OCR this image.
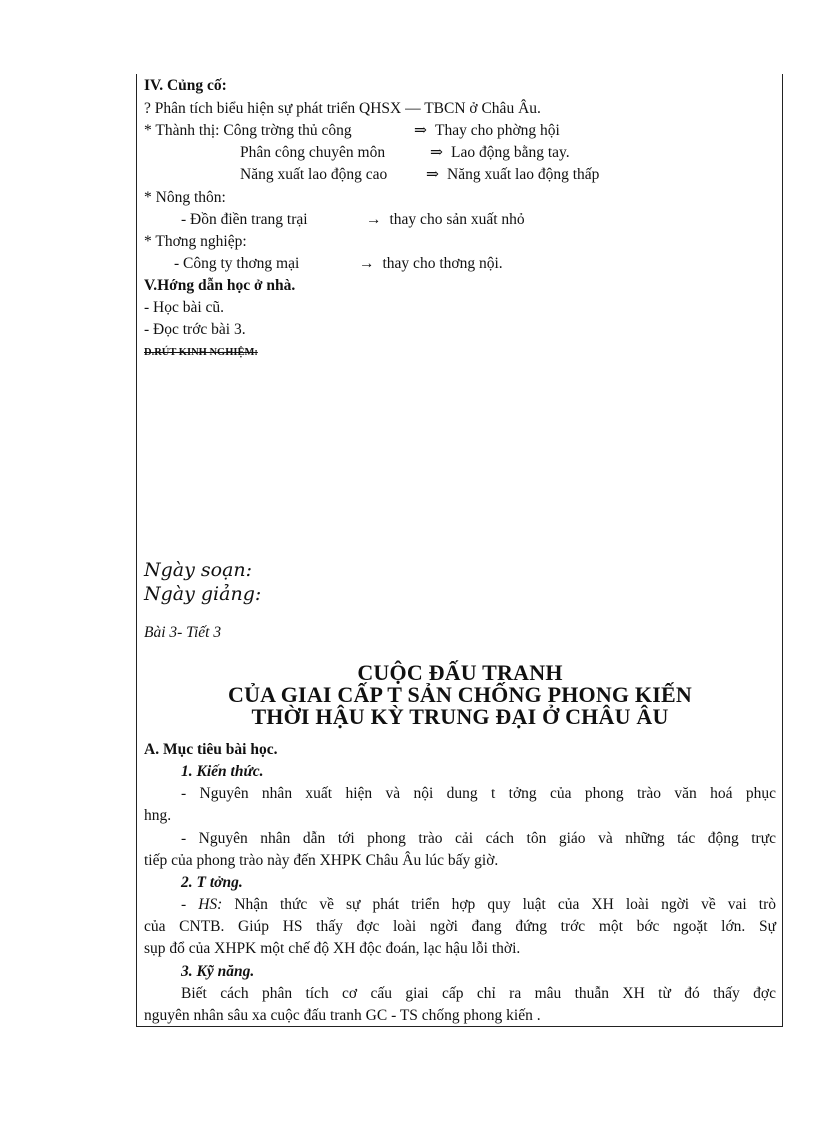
IV. Củng cố:
? Phân tích biểu hiện sự phát triển QHSX — TBCN ở Châu Âu.
* Thành thị: Công trờng thủ công	⇒ Thay cho phờng hội
Phân công chuyên môn	⇒ Lao động bằng tay.
Năng xuất lao động cao	⇒ Năng xuất lao động thấp
* Nông thôn:
- Đồn điền trang trại	→ thay cho sản xuất nhỏ
* Thơng nghiệp:
- Công ty thơng mại	→ thay cho thơng nội.
V.Hớng dẫn học ở nhà.
- Học bài cũ.
- Đọc trớc bài 3.
D.RÚT KINH NGHIỆM:
Ngày soạn:
Ngày giảng:
Bài 3- Tiết 3
CUỘC ĐẤU TRANH
CỦA GIAI CẤP T SẢN CHỐNG PHONG KIẾN
THỜI HẬU KỲ TRUNG ĐẠI Ở CHÂU ÂU
A. Mục tiêu bài học.
1. Kiến thức.
- Nguyên nhân xuất hiện và nội dung t tởng của phong trào văn hoá phục
hng.
- Nguyên nhân dẫn tới phong trào cải cách tôn giáo và những tác động trực
tiếp của phong trào này đến XHPK Châu Âu lúc bấy giờ.
2. T tởng.
- HS: Nhận thức về sự phát triển hợp quy luật của XH loài ngời về vai trò
của CNTB. Giúp HS thấy đợc loài ngời đang đứng trớc một bớc ngoặt lớn. Sự
sụp đổ của XHPK một chế độ XH độc đoán, lạc hậu lỗi thời.
3. Kỹ năng.
Biết cách phân tích cơ cấu giai cấp chỉ ra mâu thuẫn XH từ đó thấy đợc
nguyên nhân sâu xa cuộc đấu tranh GC - TS chống phong kiến .
